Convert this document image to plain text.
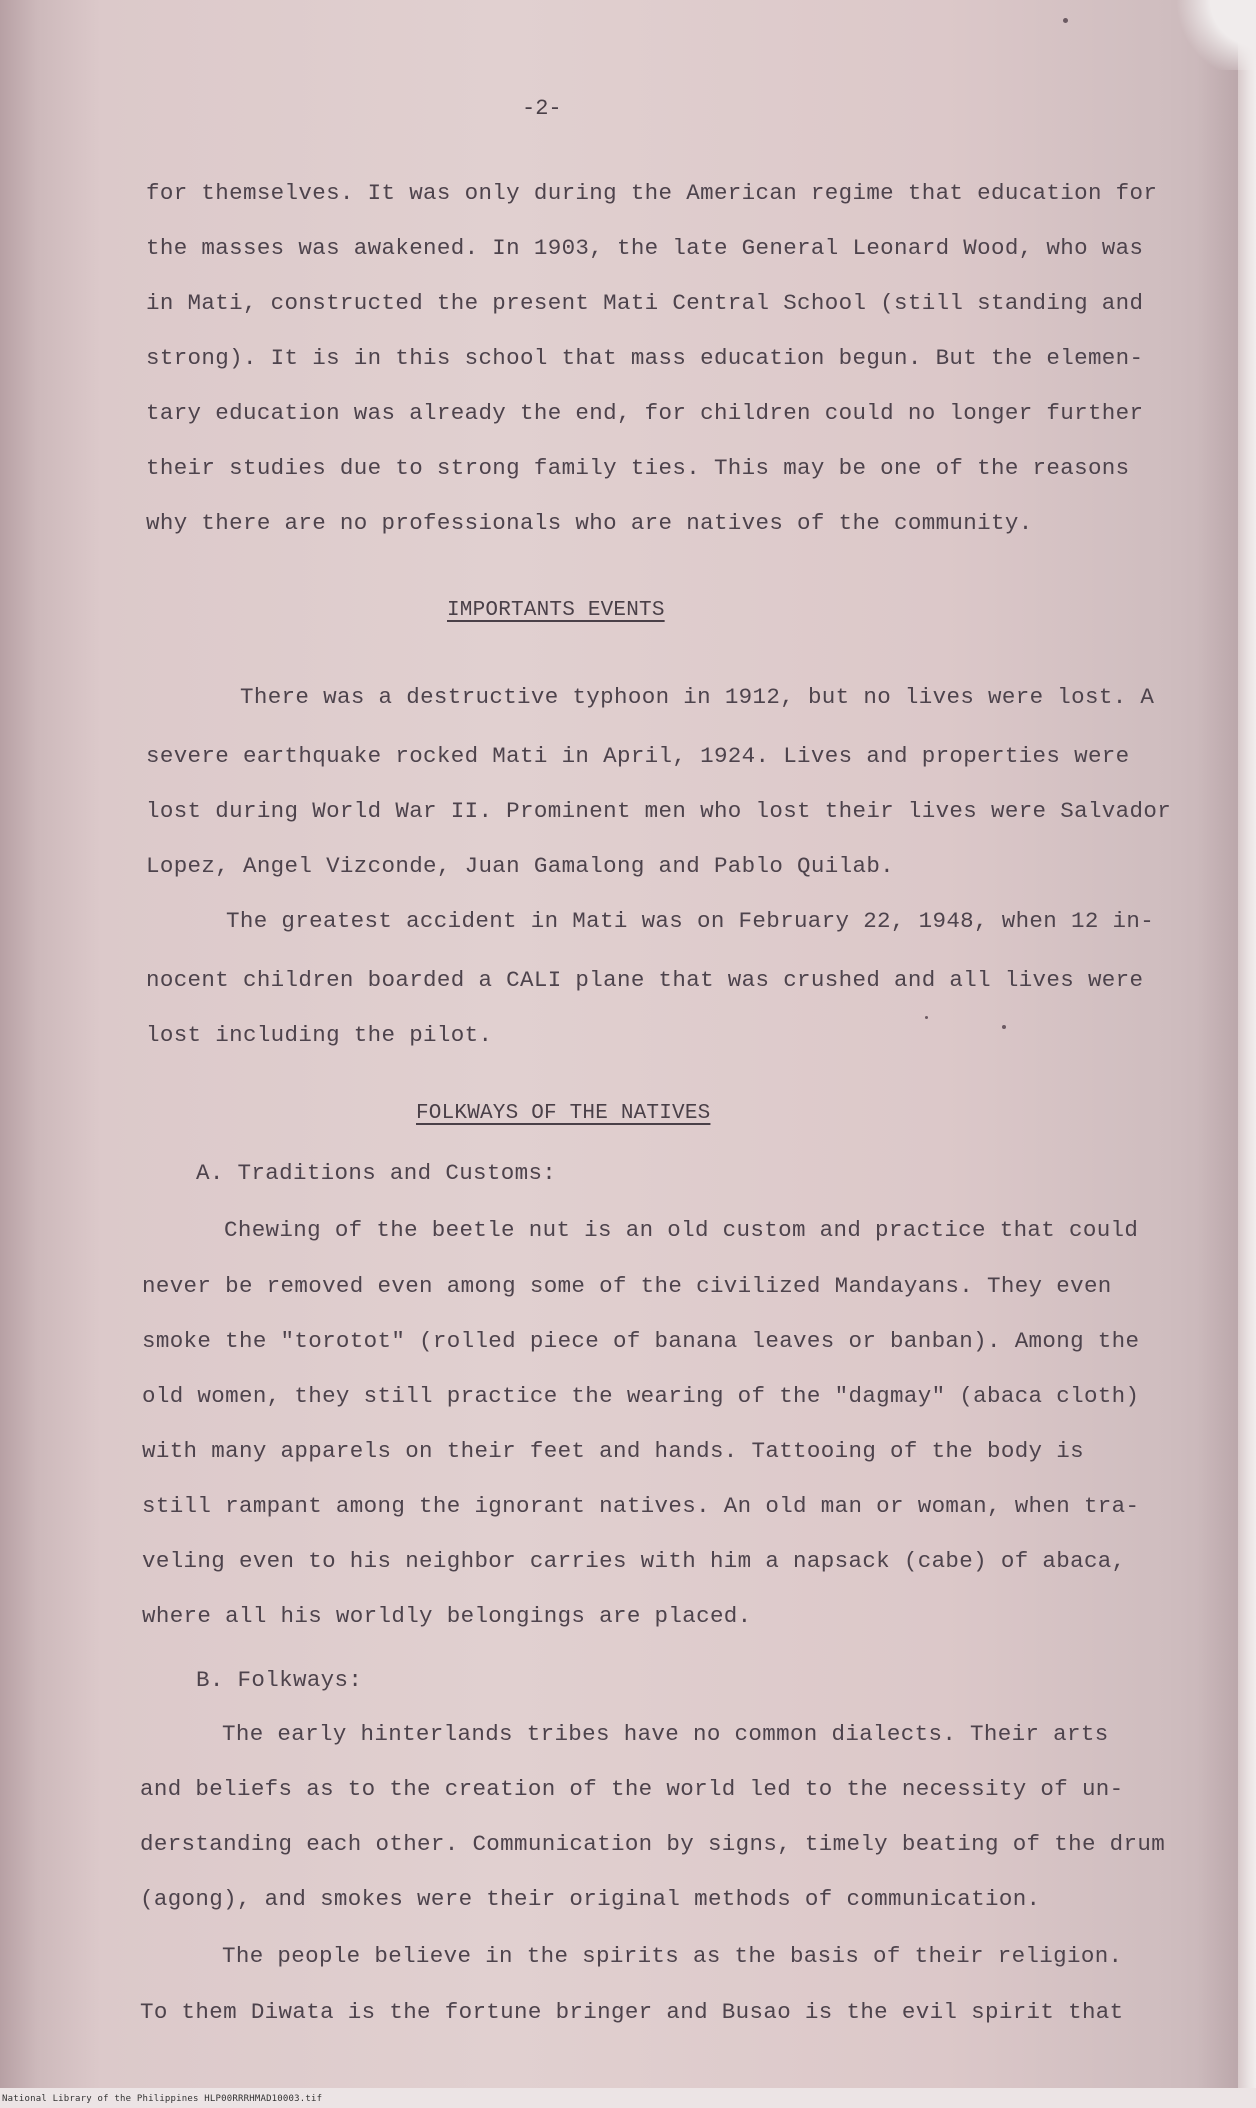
-2-
for themselves. It was only during the American regime that education for
the masses was awakened. In 1903, the late General Leonard Wood, who was
in Mati, constructed the present Mati Central School (still standing and
strong). It is in this school that mass education begun. But the elemen-
tary education was already the end, for children could no longer further
their studies due to strong family ties. This may be one of the reasons
why there are no professionals who are natives of the community.
IMPORTANTS EVENTS
There was a destructive typhoon in 1912, but no lives were lost. A
severe earthquake rocked Mati in April, 1924. Lives and properties were
lost during World War II. Prominent men who lost their lives were Salvador
Lopez, Angel Vizconde, Juan Gamalong and Pablo Quilab.
The greatest accident in Mati was on February 22, 1948, when 12 in-
nocent children boarded a CALI plane that was crushed and all lives were
lost including the pilot.
FOLKWAYS OF THE NATIVES
A. Traditions and Customs:
Chewing of the beetle nut is an old custom and practice that could
never be removed even among some of the civilized Mandayans. They even
smoke the "torotot" (rolled piece of banana leaves or banban). Among the
old women, they still practice the wearing of the "dagmay" (abaca cloth)
with many apparels on their feet and hands. Tattooing of the body is
still rampant among the ignorant natives. An old man or woman, when tra-
veling even to his neighbor carries with him a napsack (cabe) of abaca,
where all his worldly belongings are placed.
B. Folkways:
The early hinterlands tribes have no common dialects. Their arts
and beliefs as to the creation of the world led to the necessity of un-
derstanding each other. Communication by signs, timely beating of the drum
(agong), and smokes were their original methods of communication.
The people believe in the spirits as the basis of their religion.
To them Diwata is the fortune bringer and Busao is the evil spirit that
National Library of the Philippines HLP00RRRHMAD10003.tif
